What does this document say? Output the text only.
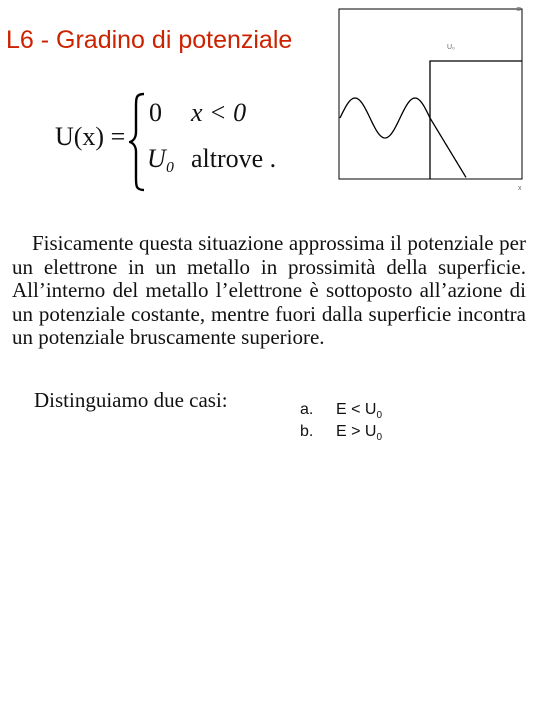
L6 - Gradino di potenziale
⊃
U₀
x
U(x) =
0 x < 0
U₀ altrove .

Fisicamente questa situazione approssima il potenziale per un elettrone in un metallo in prossimità della superficie. All’interno del metallo l’elettrone è sottoposto all’azione di un potenziale costante, mentre fuori dalla superficie incontra un potenziale bruscamente superiore.

Distinguiamo due casi:	a. $E < U_0$
b. $E > U_0$
